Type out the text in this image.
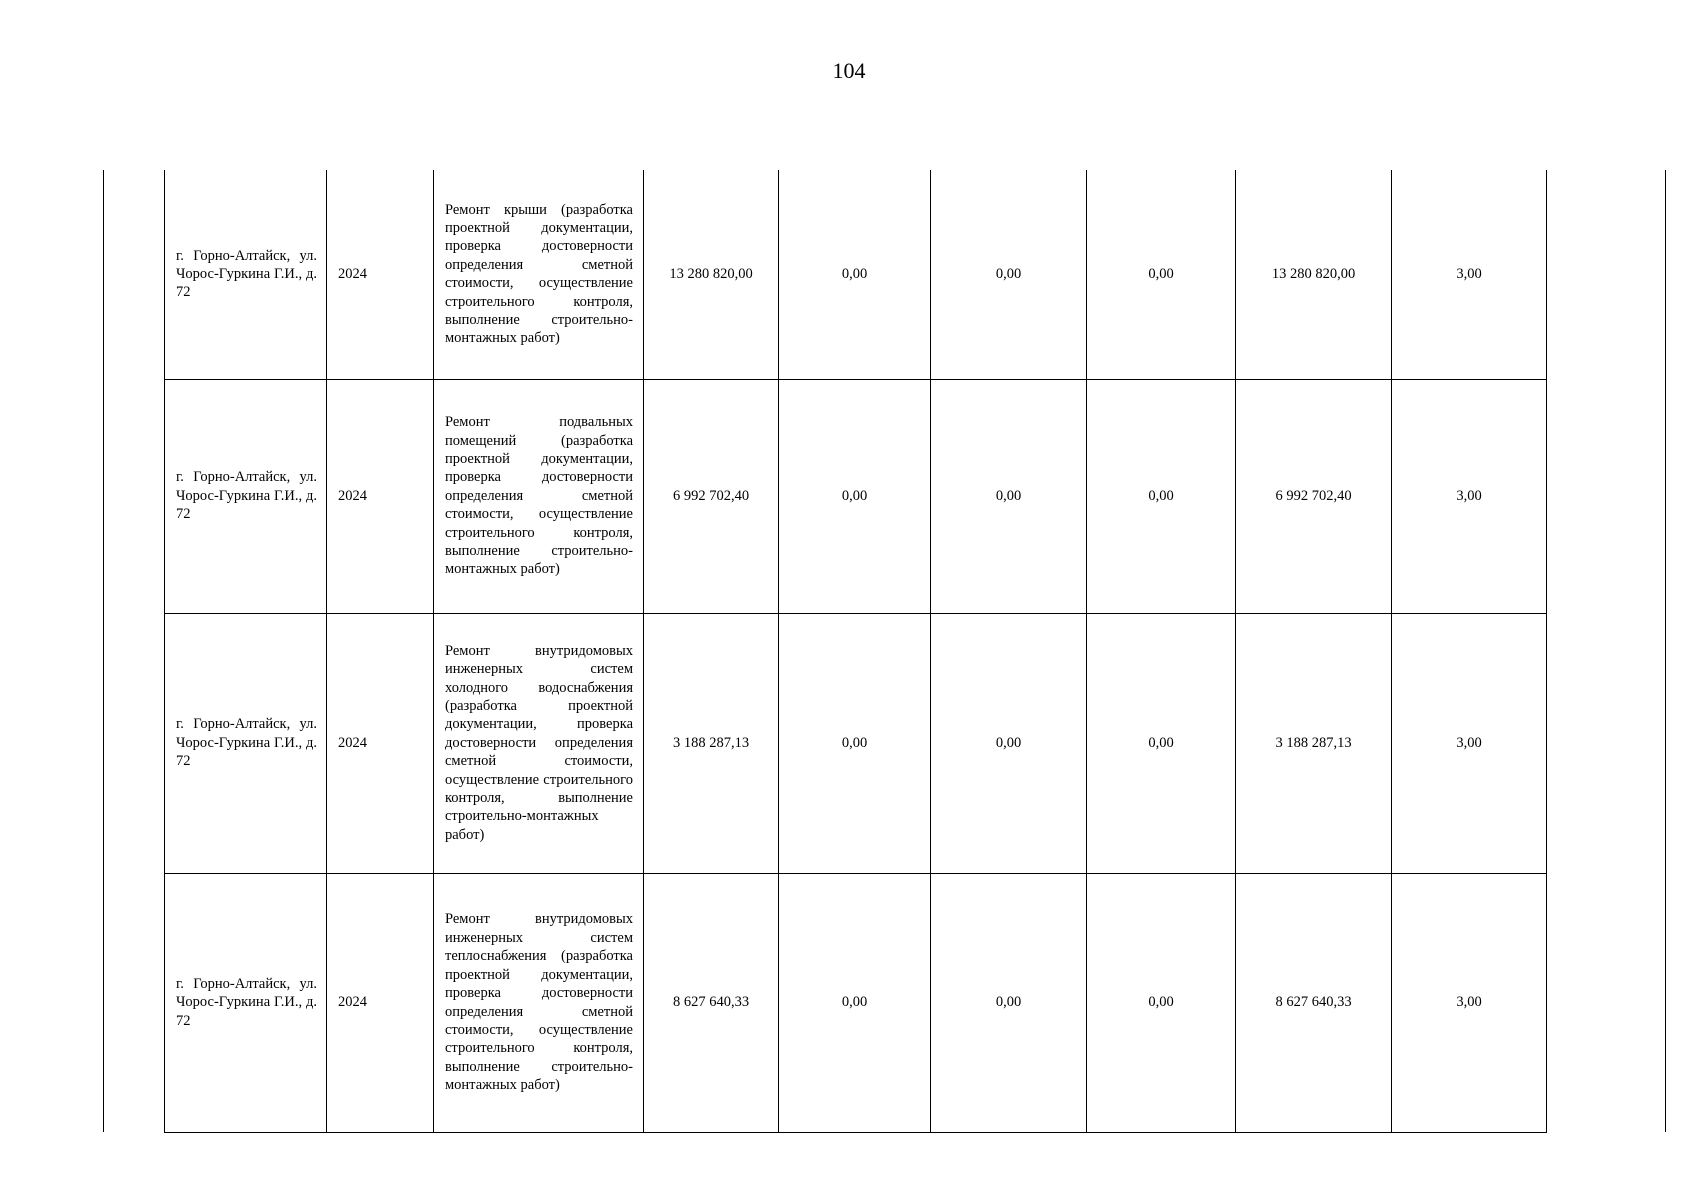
104
	г. Горно-Алтайск, ул. Чорос-Гуркина Г.И., д. 72	2024	Ремонт крыши (разработка проектной документации, проверка достоверности определения сметной стоимости, осуществление строительного контроля, выполнение строительно-монтажных работ)	13 280 820,00	0,00	0,00	0,00	13 280 820,00	3,00	
	г. Горно-Алтайск, ул. Чорос-Гуркина Г.И., д. 72	2024	Ремонт подвальных помещений (разработка проектной документации, проверка достоверности определения сметной стоимости, осуществление строительного контроля, выполнение строительно-монтажных работ)	6 992 702,40	0,00	0,00	0,00	6 992 702,40	3,00	
	г. Горно-Алтайск, ул. Чорос-Гуркина Г.И., д. 72	2024	Ремонт внутридомовых инженерных систем холодного водоснабжения (разработка проектной документации, проверка достоверности определения сметной стоимости, осуществление строительного контроля, выполнение строительно-монтажных работ)	3 188 287,13	0,00	0,00	0,00	3 188 287,13	3,00	
	г. Горно-Алтайск, ул. Чорос-Гуркина Г.И., д. 72	2024	Ремонт внутридомовых инженерных систем теплоснабжения (разработка проектной документации, проверка достоверности определения сметной стоимости, осуществление строительного контроля, выполнение строительно-монтажных работ)	8 627 640,33	0,00	0,00	0,00	8 627 640,33	3,00	
